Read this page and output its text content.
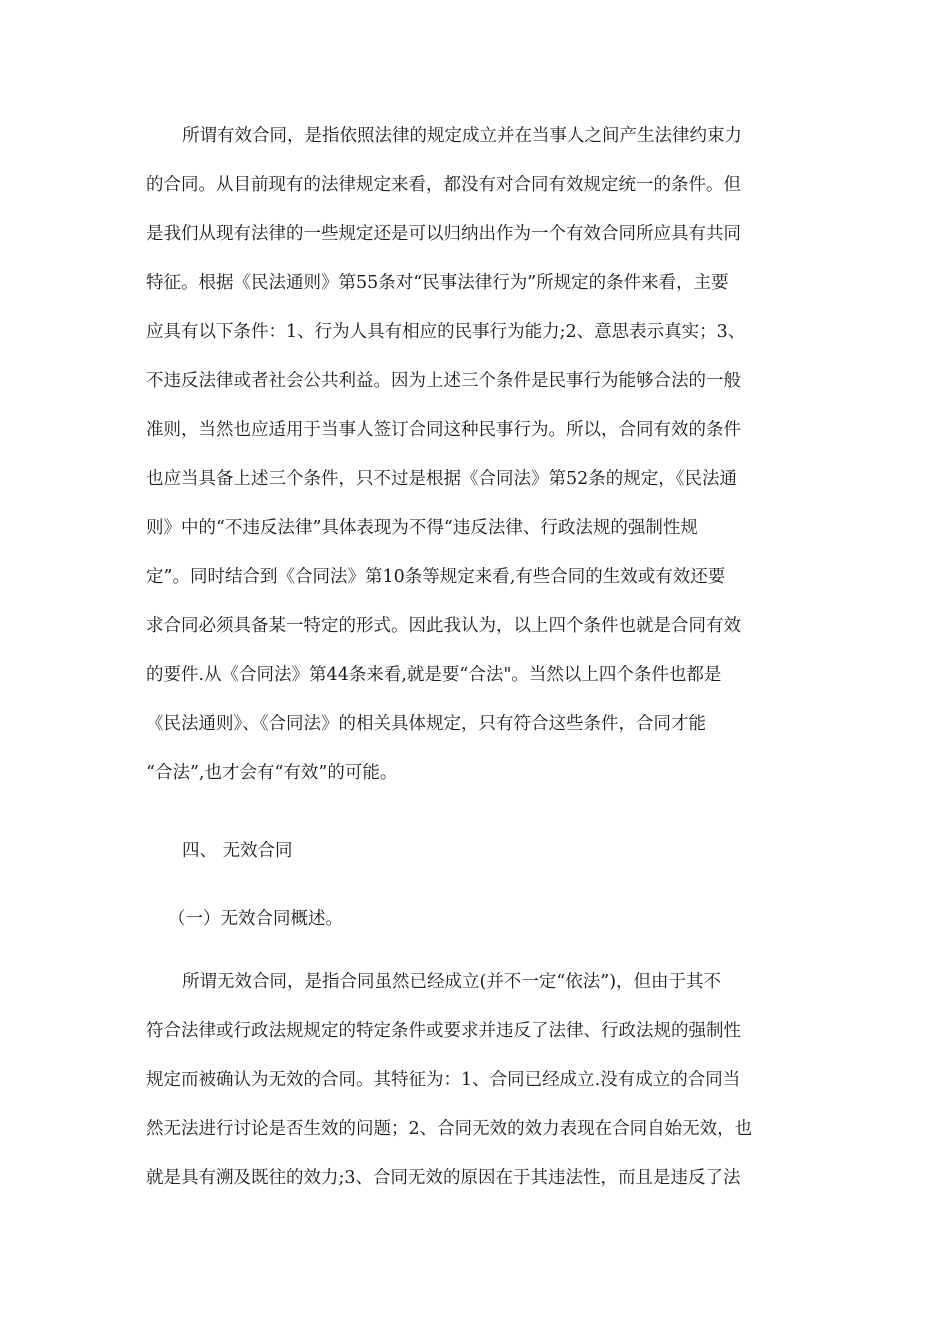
所谓有效合同，是指依照法律的规定成立并在当事人之间产生法律约束力
的合同。从目前现有的法律规定来看，都没有对合同有效规定统一的条件。但
是我们从现有法律的一些规定还是可以归纳出作为一个有效合同所应具有共同
特征。根据《民法通则》第55条对“民事法律行为”所规定的条件来看，主要
应具有以下条件：1、行为人具有相应的民事行为能力;2、意思表示真实；3、
不违反法律或者社会公共利益。因为上述三个条件是民事行为能够合法的一般
准则，当然也应适用于当事人签订合同这种民事行为。所以，合同有效的条件
也应当具备上述三个条件，只不过是根据《合同法》第52条的规定，《民法通
则》中的“不违反法律”具体表现为不得“违反法律、行政法规的强制性规
定”。同时结合到《合同法》第10条等规定来看,有些合同的生效或有效还要
求合同必须具备某一特定的形式。因此我认为，以上四个条件也就是合同有效
的要件.从《合同法》第44条来看,就是要“合法"。当然以上四个条件也都是
《民法通则》、《合同法》的相关具体规定，只有符合这些条件，合同才能
“合法”,也才会有“有效”的可能。
四、 无效合同
（一）无效合同概述。
所谓无效合同，是指合同虽然已经成立(并不一定“依法”)，但由于其不
符合法律或行政法规规定的特定条件或要求并违反了法律、行政法规的强制性
规定而被确认为无效的合同。其特征为：1、合同已经成立.没有成立的合同当
然无法进行讨论是否生效的问题；2、合同无效的效力表现在合同自始无效，也
就是具有溯及既往的效力;3、合同无效的原因在于其违法性，而且是违反了法
